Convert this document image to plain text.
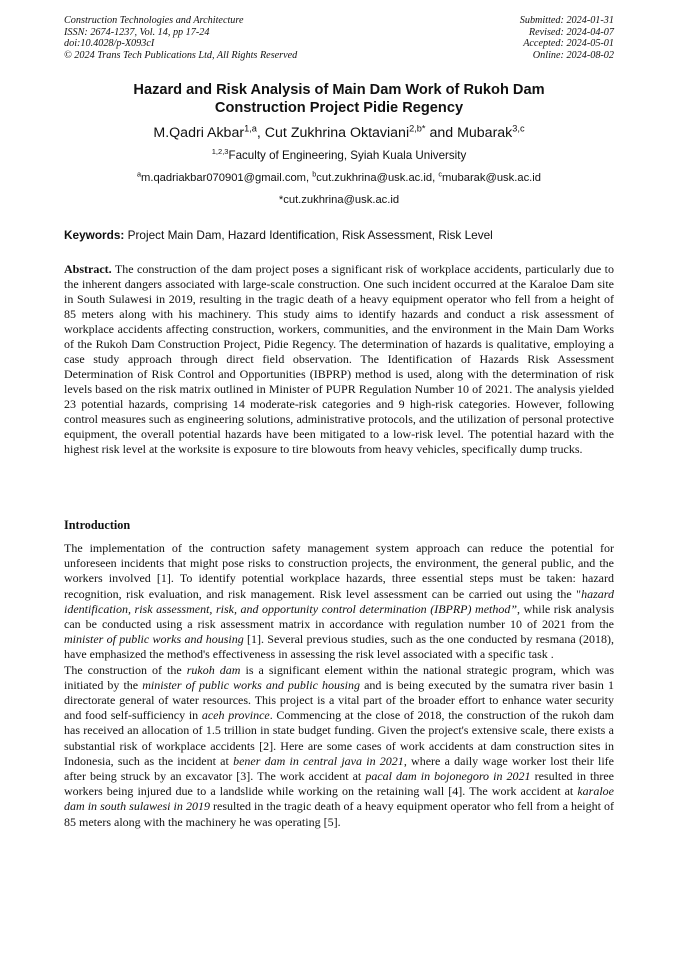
Construction Technologies and Architecture
ISSN: 2674-1237, Vol. 14, pp 17-24
doi:10.4028/p-X093cI
© 2024 Trans Tech Publications Ltd, All Rights Reserved
Submitted: 2024-01-31
Revised: 2024-04-07
Accepted: 2024-05-01
Online: 2024-08-02
Hazard and Risk Analysis of Main Dam Work of Rukoh Dam
Construction Project Pidie Regency
M.Qadri Akbar$^{1,a}$, Cut Zukhrina Oktaviani$^{2,b*}$ and Mubarak$^{3,c}$
$^{1,2,3}$Faculty of Engineering, Syiah Kuala University
$^a$m.qadriakbar070901@gmail.com, $^b$cut.zukhrina@usk.ac.id, $^c$mubarak@usk.ac.id
*cut.zukhrina@usk.ac.id
Keywords: Project Main Dam, Hazard Identification, Risk Assessment, Risk Level

Abstract. The construction of the dam project poses a significant risk of workplace accidents, particularly due to the inherent dangers associated with large-scale construction. One such incident occurred at the Karaloe Dam site in South Sulawesi in 2019, resulting in the tragic death of a heavy equipment operator who fell from a height of 85 meters along with his machinery. This study aims to identify hazards and conduct a risk assessment of workplace accidents affecting construction, workers, communities, and the environment in the Main Dam Works of the Rukoh Dam Construction Project, Pidie Regency. The determination of hazards is qualitative, employing a case study approach through direct field observation. The Identification of Hazards Risk Assessment Determination of Risk Control and Opportunities (IBPRP) method is used, along with the determination of risk levels based on the risk matrix outlined in Minister of PUPR Regulation Number 10 of 2021. The analysis yielded 23 potential hazards, comprising 14 moderate-risk categories and 9 high-risk categories. However, following control measures such as engineering solutions, administrative protocols, and the utilization of personal protective equipment, the overall potential hazards have been mitigated to a low-risk level. The potential hazard with the highest risk level at the worksite is exposure to tire blowouts from heavy vehicles, specifically dump trucks.

Introduction

The implementation of the contruction safety management system approach can reduce the potential for unforeseen incidents that might pose risks to construction projects, the environment, the general public, and the workers involved [1]. To identify potential workplace hazards, three essential steps must be taken: hazard recognition, risk evaluation, and risk management. Risk level assessment can be carried out using the "hazard identification, risk assessment, risk, and opportunity control determination (IBPRP) method”, while risk analysis can be conducted using a risk assessment matrix in accordance with regulation number 10 of 2021 from the minister of public works and housing [1]. Several previous studies, such as the one conducted by resmana (2018), have emphasized the method's effectiveness in assessing the risk level associated with a specific task .

The construction of the rukoh dam is a significant element within the national strategic program, which was initiated by the minister of public works and public housing and is being executed by the sumatra river basin 1 directorate general of water resources. This project is a vital part of the broader effort to enhance water security and food self-sufficiency in aceh province. Commencing at the close of 2018, the construction of the rukoh dam has received an allocation of 1.5 trillion in state budget funding. Given the project's extensive scale, there exists a substantial risk of workplace accidents [2]. Here are some cases of work accidents at dam construction sites in Indonesia, such as the incident at bener dam in central java in 2021, where a daily wage worker lost their life after being struck by an excavator [3]. The work accident at pacal dam in bojonegoro in 2021 resulted in three workers being injured due to a landslide while working on the retaining wall [4]. The work accident at karaloe dam in south sulawesi in 2019 resulted in the tragic death of a heavy equipment operator who fell from a height of 85 meters along with the machinery he was operating [5].
